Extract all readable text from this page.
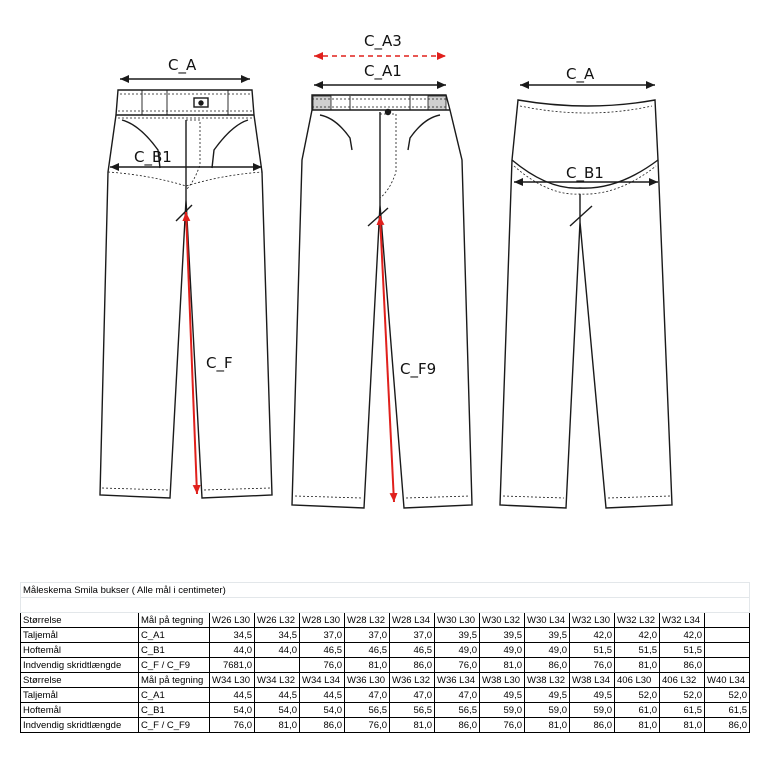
C_A
C_B1
C_F
C_A3
C_A1
C_F9
C_A
C_B1
Måleskema Smila bukser ( Alle mål i centimeter)													

Størrelse	Mål på tegning	W26 L30	W26 L32	W28 L30	W28 L32	W28 L34	W30 L30	W30 L32	W30 L34	W32 L30	W32 L32	W32 L34	
Taljemål	C_A1	34,5	34,5	37,0	37,0	37,0	39,5	39,5	39,5	42,0	42,0	42,0	
Hoftemål	C_B1	44,0	44,0	46,5	46,5	46,5	49,0	49,0	49,0	51,5	51,5	51,5	
Indvendig skridtlængde	C_F / C_F9	7681,0		76,0	81,0	86,0	76,0	81,0	86,0	76,0	81,0	86,0	
Størrelse	Mål på tegning	W34 L30	W34 L32	W34 L34	W36 L30	W36 L32	W36 L34	W38 L30	W38 L32	W38 L34	406 L30	406 L32	W40 L34
Taljemål	C_A1	44,5	44,5	44,5	47,0	47,0	47,0	49,5	49,5	49,5	52,0	52,0	52,0
Hoftemål	C_B1	54,0	54,0	54,0	56,5	56,5	56,5	59,0	59,0	59,0	61,0	61,5	61,5
Indvendig skridtlængde	C_F / C_F9	76,0	81,0	86,0	76,0	81,0	86,0	76,0	81,0	86,0	81,0	81,0	86,0
